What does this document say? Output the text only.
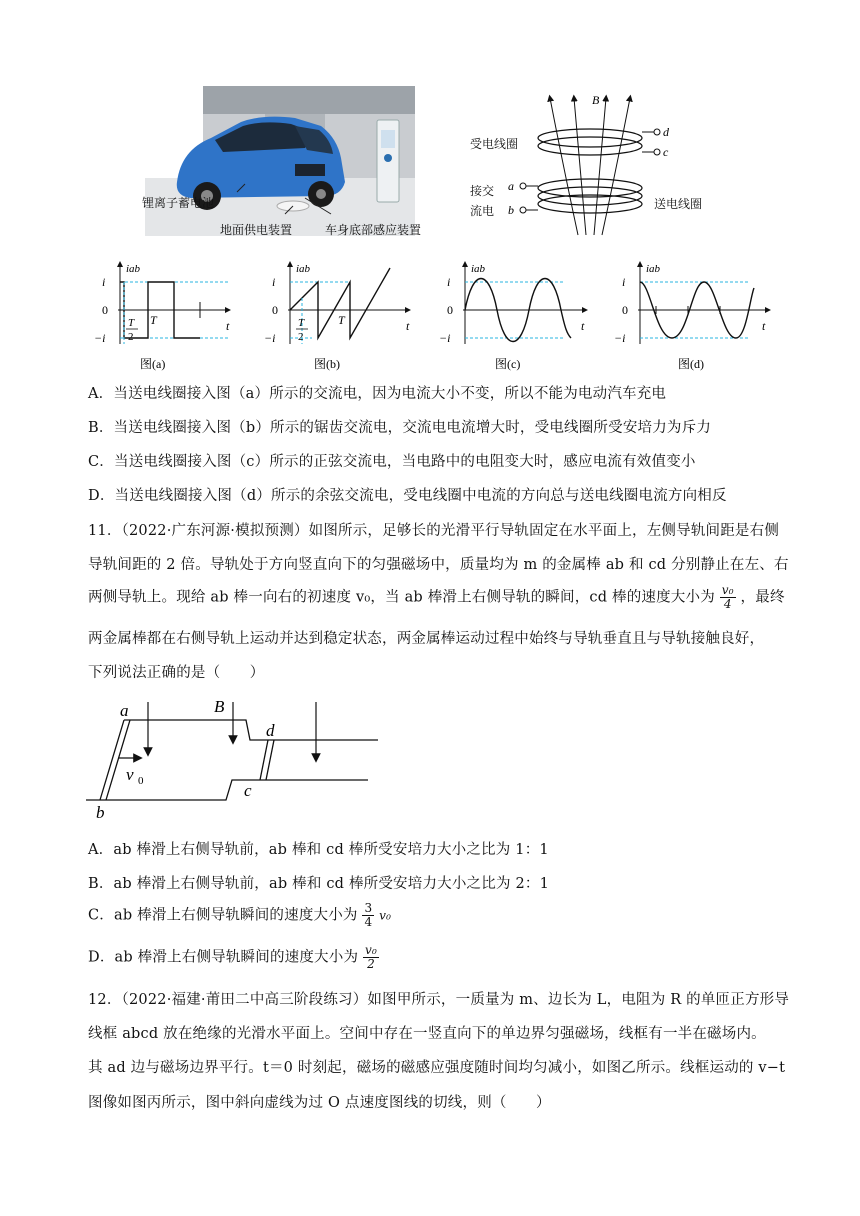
锂离子蓄电池
地面供电装置	车身底部感应装置
B
d
c
a
b
受电线圈
接交
流电	送电线圈
i
0
−i
iab
t
T
2
T
图(a)
i
0
−i
iab
t
T
2
T
图(b)
i
0
−i
iab
t
图(c)
i
0
−i
iab
t
图(d)
A．当送电线圈接入图（a）所示的交流电，因为电流大小不变，所以不能为电动汽车充电
B．当送电线圈接入图（b）所示的锯齿交流电，交流电电流增大时，受电线圈所受安培力为斥力
C．当送电线圈接入图（c）所示的正弦交流电，当电路中的电阻变大时，感应电流有效值变小
D．当送电线圈接入图（d）所示的余弦交流电，受电线圈中电流的方向总与送电线圈电流方向相反
11．（2022·广东河源·模拟预测）如图所示，足够长的光滑平行导轨固定在水平面上，左侧导轨间距是右侧
导轨间距的 2 倍。导轨处于方向竖直向下的匀强磁场中，质量均为 m 的金属棒 ab 和 cd 分别静止在左、右
两侧导轨上。现给 ab 棒一向右的初速度 v₀，当 ab 棒滑上右侧导轨的瞬间，cd 棒的速度大小为 $\frac{\text{v₀}}{4}$ ，最终
两金属棒都在右侧导轨上运动并达到稳定状态，两金属棒运动过程中始终与导轨垂直且与导轨接触良好，
下列说法正确的是（　　）
a	B
d
v 0
b
c
A．ab 棒滑上右侧导轨前，ab 棒和 cd 棒所受安培力大小之比为 1：1
B．ab 棒滑上右侧导轨前，ab 棒和 cd 棒所受安培力大小之比为 2：1
C．ab 棒滑上右侧导轨瞬间的速度大小为 $\frac{3}{4} v_0$
D．ab 棒滑上右侧导轨瞬间的速度大小为 $\frac{\text{v₀}}{2}$
12．（2022·福建·莆田二中高三阶段练习）如图甲所示，一质量为 m、边长为 L，电阻为 R 的单匝正方形导
线框 abcd 放在绝缘的光滑水平面上。空间中存在一竖直向下的单边界匀强磁场，线框有一半在磁场内。
其 ad 边与磁场边界平行。t＝0 时刻起，磁场的磁感应强度随时间均匀减小，如图乙所示。线框运动的 v−t
图像如图丙所示，图中斜向虚线为过 O 点速度图线的切线，则（　　）
